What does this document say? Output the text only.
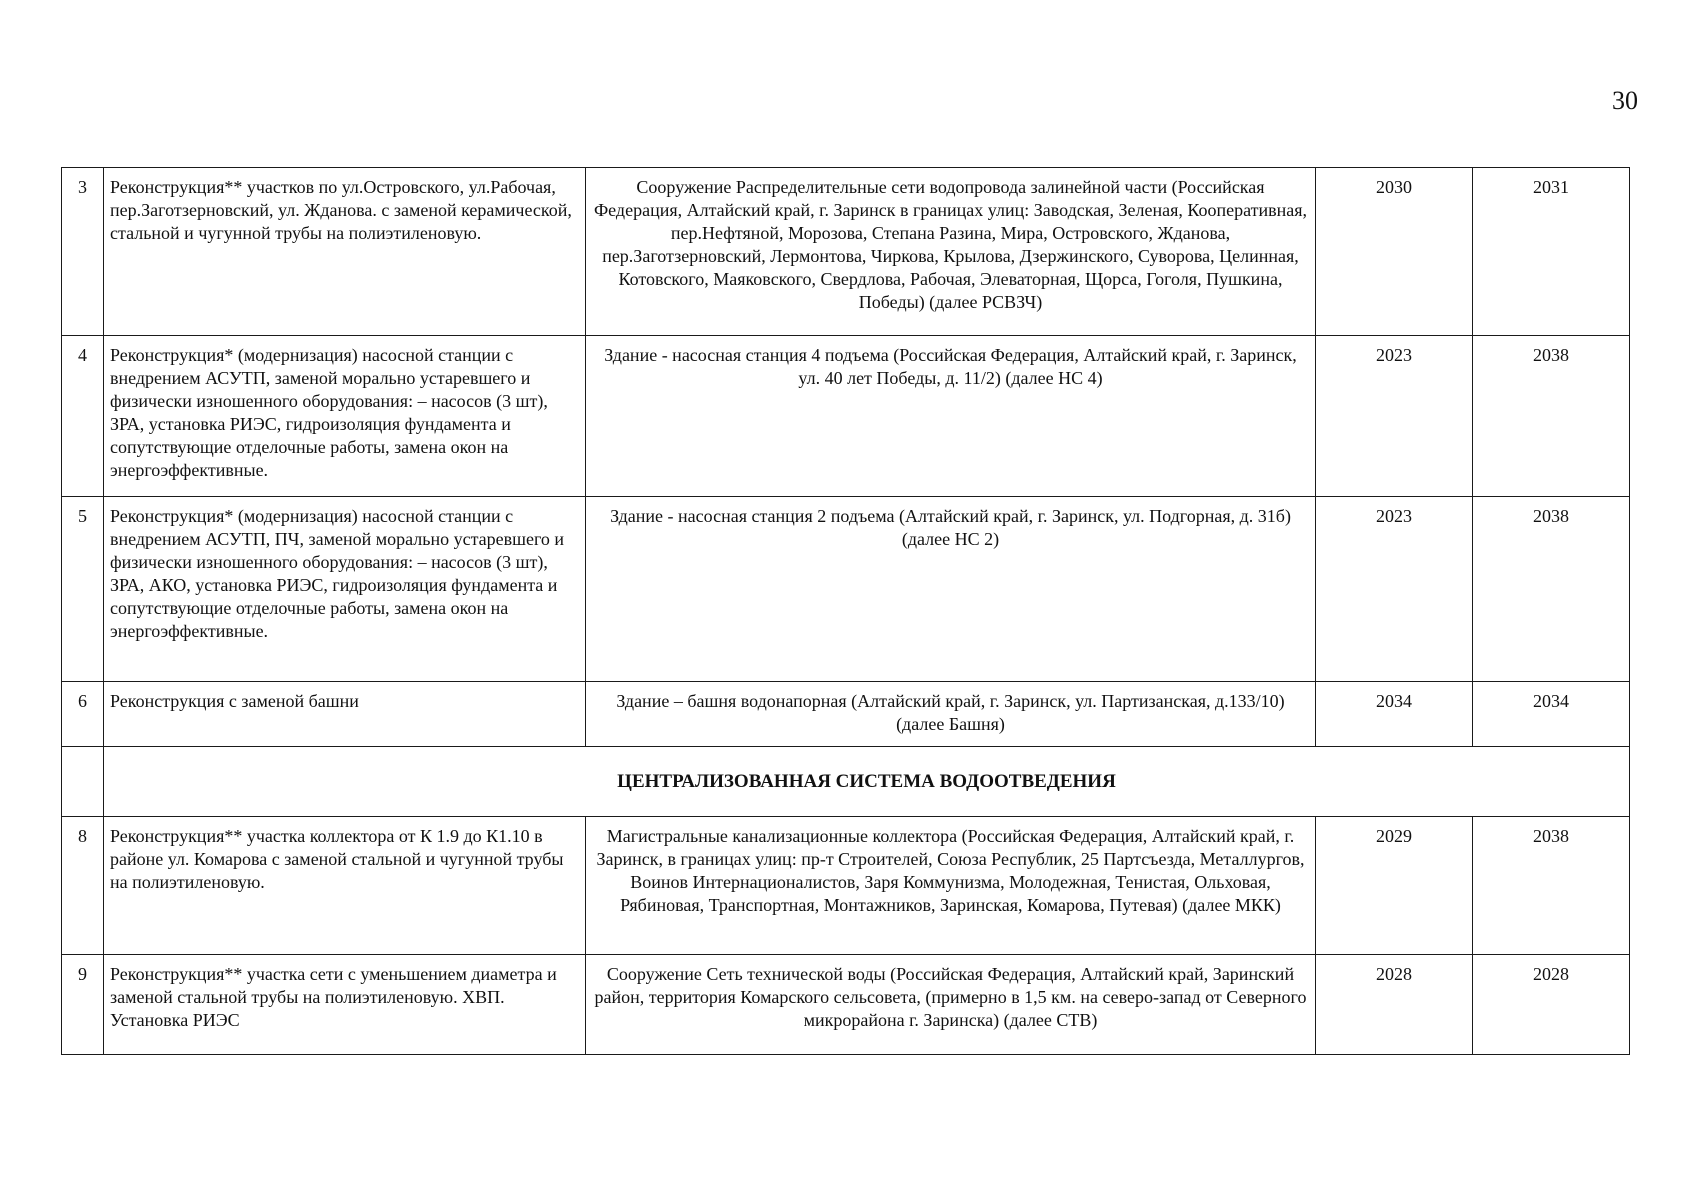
30
3	Реконструкция** участков по ул.Островского, ул.Рабочая, пер.Заготзерновский, ул. Жданова. с заменой керамической, стальной и чугунной трубы на полиэтиленовую.	Сооружение Распределительные сети водопровода залинейной части (Российская Федерация, Алтайский край, г. Заринск в границах улиц: Заводская, Зеленая, Кооперативная, пер.Нефтяной, Морозова, Степана Разина, Мира, Островского, Жданова, пер.Заготзерновский, Лермонтова, Чиркова, Крылова, Дзержинского, Суворова, Целинная, Котовского, Маяковского, Свердлова, Рабочая, Элеваторная, Щорса, Гоголя, Пушкина, Победы) (далее РСВЗЧ)	2030	2031
4	Реконструкция* (модернизация) насосной станции с внедрением АСУТП, заменой морально устаревшего и физически изношенного оборудования: – насосов (3 шт), ЗРА, установка РИЭС, гидроизоляция фундамента и сопутствующие отделочные работы, замена окон на энергоэффективные.	Здание - насосная станция 4 подъема (Российская Федерация, Алтайский край, г. Заринск, ул. 40 лет Победы, д. 11/2) (далее НС 4)	2023	2038
5	Реконструкция* (модернизация) насосной станции с внедрением АСУТП, ПЧ, заменой морально устаревшего и физически изношенного оборудования: – насосов (3 шт), ЗРА, АКО, установка РИЭС, гидроизоляция фундамента и сопутствующие отделочные работы, замена окон на энергоэффективные.	Здание - насосная станция 2 подъема (Алтайский край, г. Заринск, ул. Подгорная, д. 31б) (далее НС 2)	2023	2038
6	Реконструкция с заменой башни	Здание – башня водонапорная (Алтайский край, г. Заринск, ул. Партизанская, д.133/10) (далее Башня)	2034	2034
	ЦЕНТРАЛИЗОВАННАЯ СИСТЕМА ВОДООТВЕДЕНИЯ			
8	Реконструкция** участка коллектора от К 1.9 до К1.10 в районе ул. Комарова с заменой стальной и чугунной трубы на полиэтиленовую.	Магистральные канализационные коллектора (Российская Федерация, Алтайский край, г. Заринск, в границах улиц: пр-т Строителей, Союза Республик, 25 Партсъезда, Металлургов, Воинов Интернационалистов, Заря Коммунизма, Молодежная, Тенистая, Ольховая, Рябиновая, Транспортная, Монтажников, Заринская, Комарова, Путевая) (далее МКК)	2029	2038
9	Реконструкция** участка сети с уменьшением диаметра и заменой стальной трубы на полиэтиленовую. ХВП. Установка РИЭС	Сооружение Сеть технической воды (Российская Федерация, Алтайский край, Заринский район, территория Комарского сельсовета, (примерно в 1,5 км. на северо-запад от Северного микрорайона г. Заринска) (далее СТВ)	2028	2028
